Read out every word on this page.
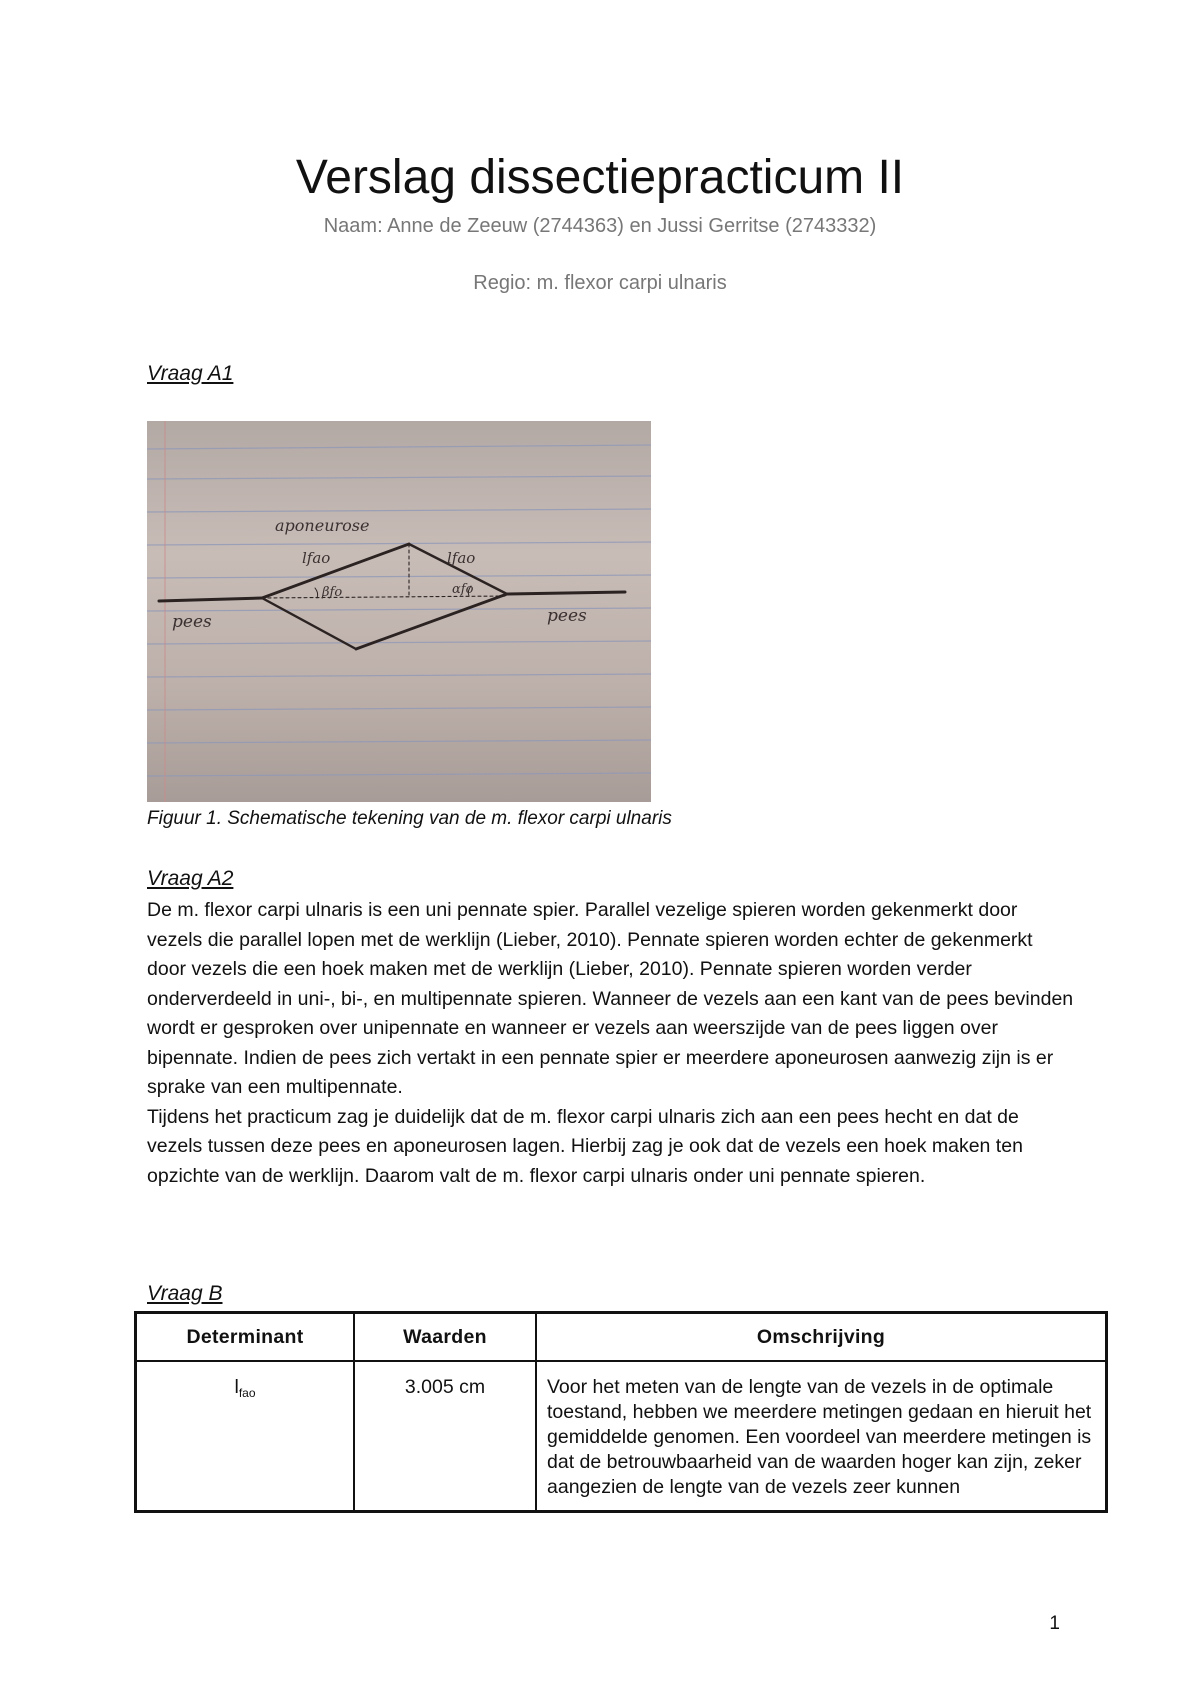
Verslag dissectiepracticum II
Naam: Anne de Zeeuw (2744363) en Jussi Gerritse (2743332)
Regio: m. flexor carpi ulnaris
Vraag A1
aponeurose
lfao	lfao
βfo	αfo
pees	pees
Figuur 1. Schematische tekening van de m. flexor carpi ulnaris
Vraag A2

De m. flexor carpi ulnaris is een uni pennate spier. Parallel vezelige spieren worden gekenmerkt door vezels die parallel lopen met de werklijn (Lieber, 2010). Pennate spieren worden echter de gekenmerkt door vezels die een hoek maken met de werklijn (Lieber, 2010). Pennate spieren worden verder onderverdeeld in uni-, bi-, en multipennate spieren. Wanneer de vezels aan een kant van de pees bevinden wordt er gesproken over unipennate en wanneer er vezels aan weerszijde van de pees liggen over bipennate. Indien de pees zich vertakt in een pennate spier er meerdere aponeurosen aanwezig zijn is er sprake van een multipennate.

Tijdens het practicum zag je duidelijk dat de m. flexor carpi ulnaris zich aan een pees hecht en dat de vezels tussen deze pees en aponeurosen lagen. Hierbij zag je ook dat de vezels een hoek maken ten opzichte van de werklijn. Daarom valt de m. flexor carpi ulnaris onder uni pennate spieren.

Vraag B
Determinant	Waarden	Omschrijving
$l_{fao}$	3.005 cm	Voor het meten van de lengte van de vezels in de optimale toestand, hebben we meerdere metingen gedaan en hieruit het gemiddelde genomen. Een voordeel van meerdere metingen is dat de betrouwbaarheid van de waarden hoger kan zijn, zeker aangezien de lengte van de vezels zeer kunnen
1
